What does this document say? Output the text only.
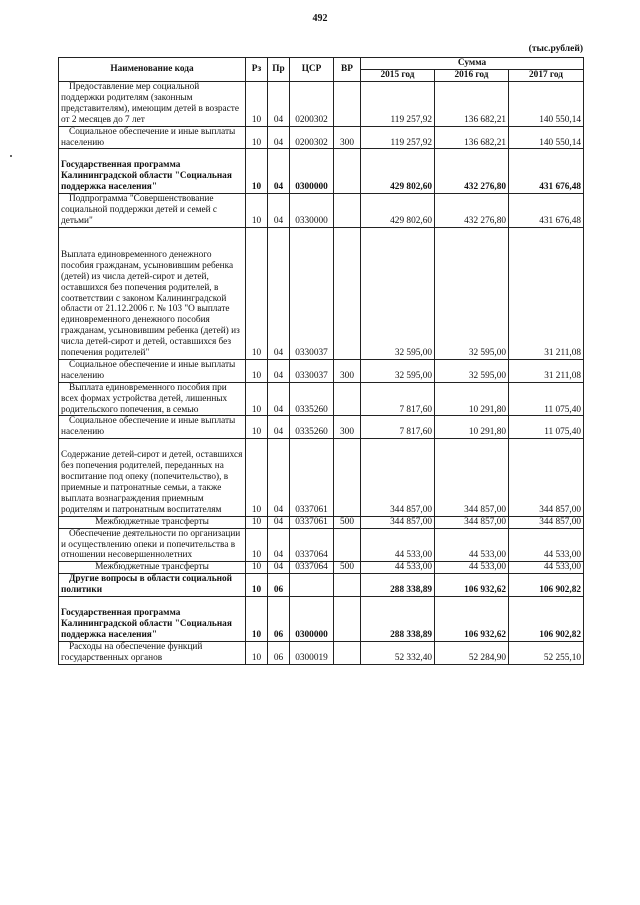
492
(тыс.рублей)
Наименование кода	Рз	Пр	ЦСР	ВР	Сумма		
					2015 год	2016 год	2017 год
Предоставление мер социальной поддержки родителям (законным представителям), имеющим детей в возрасте от 2 месяцев до 7 лет	10	04	0200302		119 257,92	136 682,21	140 550,14
Социальное обеспечение и иные выплаты населению	10	04	0200302	300	119 257,92	136 682,21	140 550,14

Государственная программа Калининградской области "Социальная поддержка населения"	10	04	0300000		429 802,60	432 276,80	431 676,48
Подпрограмма "Совершенствование социальной поддержки детей и семей с детьми"	10	04	0330000		429 802,60	432 276,80	431 676,48

Выплата единовременного денежного пособия гражданам, усыновившим ребенка (детей) из числа детей-сирот и детей, оставшихся без попечения родителей, в соответствии с законом Калининградской области от 21.12.2006 г. № 103 "О выплате единовременного денежного пособия гражданам, усыновившим ребенка (детей) из числа детей-сирот и детей, оставшихся без попечения родителей"	10	04	0330037		32 595,00	32 595,00	31 211,08
Социальное обеспечение и иные выплаты населению	10	04	0330037	300	32 595,00	32 595,00	31 211,08
Выплата единовременного пособия при всех формах устройства детей, лишенных родительского попечения, в семью	10	04	0335260		7 817,60	10 291,80	11 075,40
Социальное обеспечение и иные выплаты населению	10	04	0335260	300	7 817,60	10 291,80	11 075,40

Содержание детей-сирот и детей, оставшихся без попечения родителей, переданных на воспитание под опеку (попечительство), в приемные и патронатные семьи, а также выплата вознаграждения приемным родителям и патронатным воспитателям	10	04	0337061		344 857,00	344 857,00	344 857,00
Межбюджетные трансферты	10	04	0337061	500	344 857,00	344 857,00	344 857,00
Обеспечение деятельности по организации и осуществлению опеки и попечительства в отношении несовершеннолетних	10	04	0337064		44 533,00	44 533,00	44 533,00
Межбюджетные трансферты	10	04	0337064	500	44 533,00	44 533,00	44 533,00
Другие вопросы в области социальной политики	10	06			288 338,89	106 932,62	106 902,82

Государственная программа Калининградской области "Социальная поддержка населения"	10	06	0300000		288 338,89	106 932,62	106 902,82
Расходы на обеспечение функций государственных органов	10	06	0300019		52 332,40	52 284,90	52 255,10
